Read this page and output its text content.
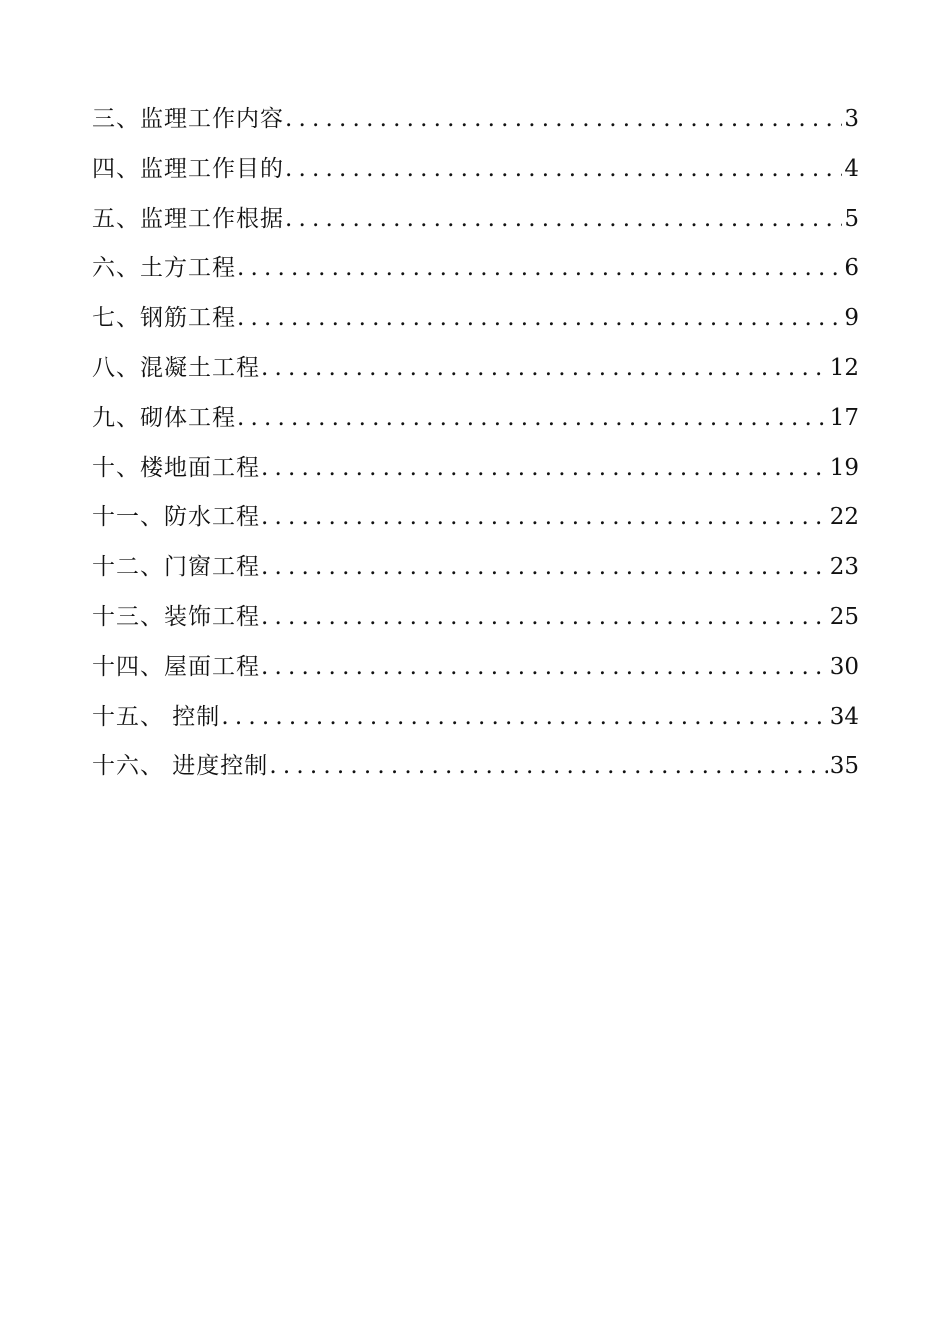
三、监理工作内容 .....	3
四、监理工作目的 .....	4
五、监理工作根据 .....	5
六、土方工程 .....	6
七、钢筋工程 .....	9
八、混凝土工程 .....	12
九、砌体工程 .....	17
十、楼地面工程 .....	19
十一、防水工程 .....	22
十二、门窗工程 .....	23
十三、装饰工程 .....	25
十四、屋面工程 .....	30
十五、 控制 .....	34
十六、 进度控制 .....	35
